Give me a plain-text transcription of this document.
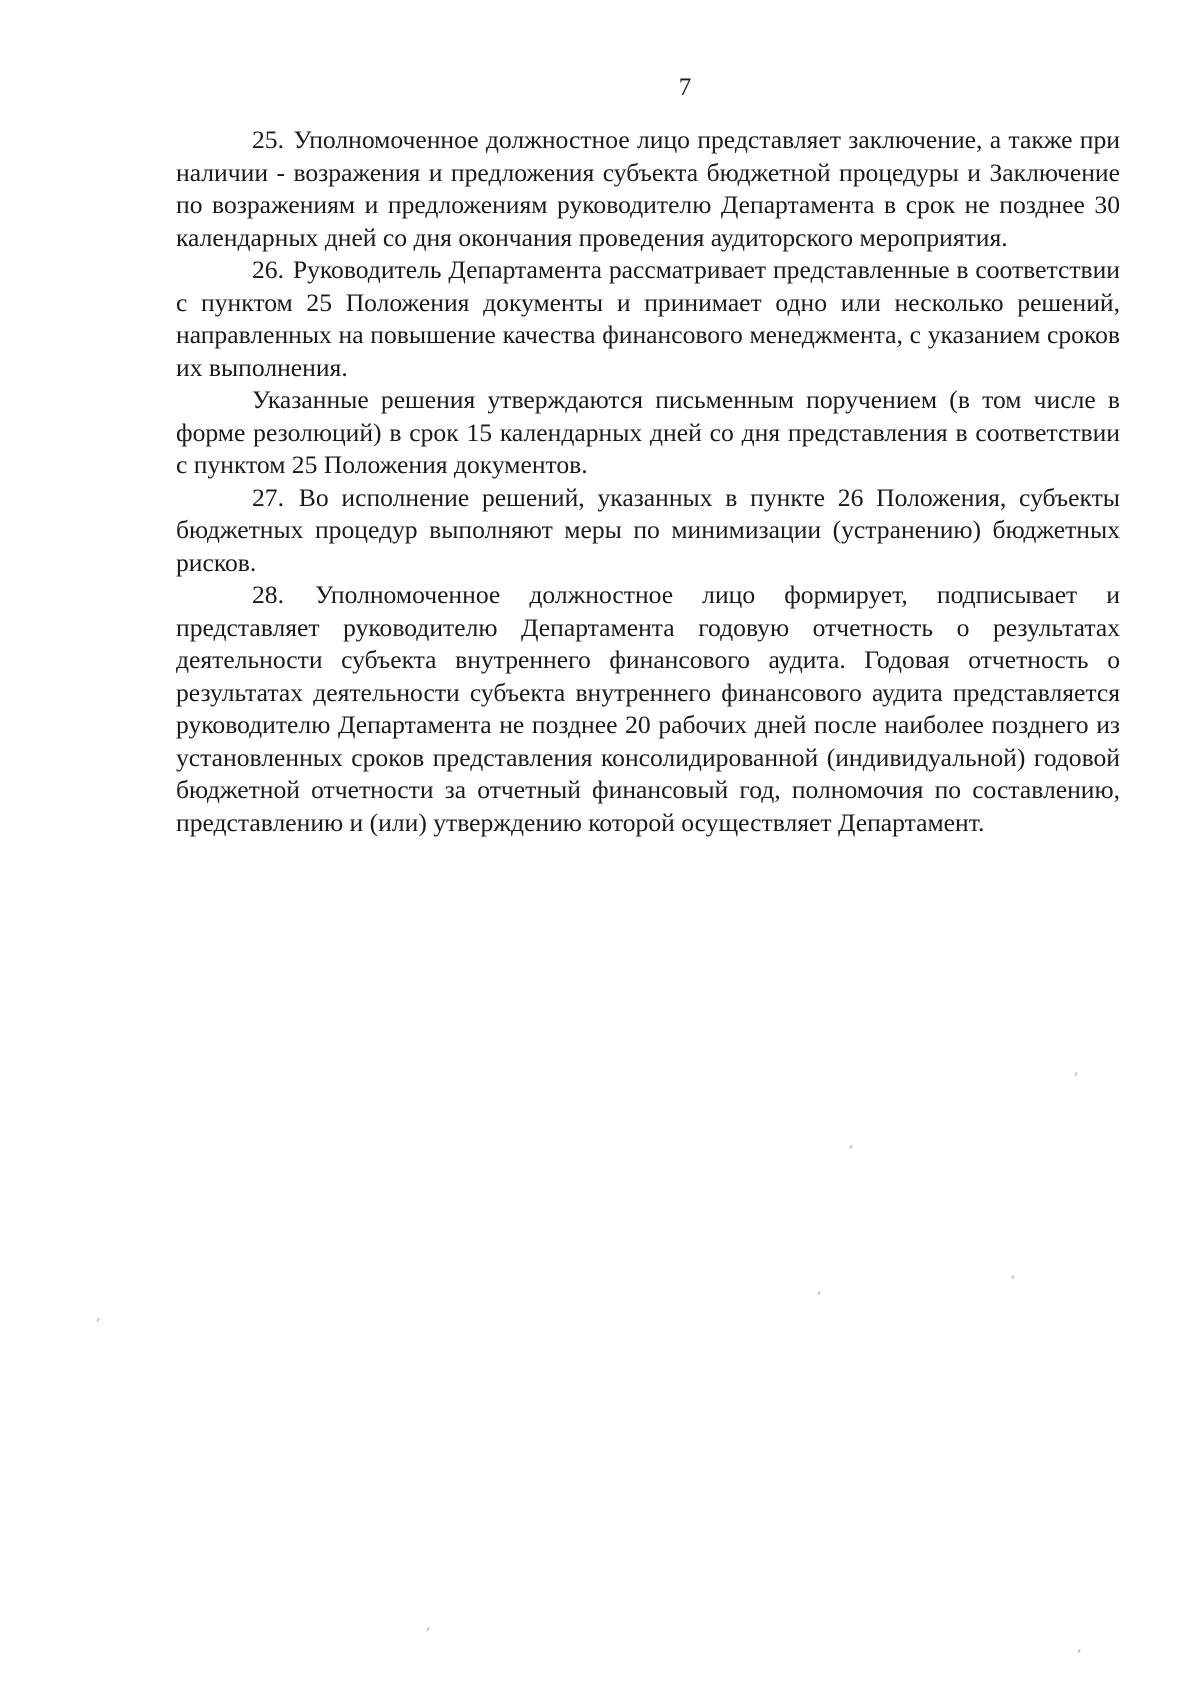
7

25. Уполномоченное должностное лицо представляет заключение, а также при наличии - возражения и предложения субъекта бюджетной процедуры и Заключение по возражениям и предложениям руководителю Департамента в срок не позднее 30 календарных дней со дня окончания проведения аудиторского мероприятия.

26. Руководитель Департамента рассматривает представленные в соответствии с пунктом 25 Положения документы и принимает одно или несколько решений, направленных на повышение качества финансового менеджмента, с указанием сроков их выполнения.

Указанные решения утверждаются письменным поручением (в том числе в форме резолюций) в срок 15 календарных дней со дня представления в соответствии с пунктом 25 Положения документов.

27. Во исполнение решений, указанных в пункте 26 Положения, субъекты бюджетных процедур выполняют меры по минимизации (устранению) бюджетных рисков.

28. Уполномоченное должностное лицо формирует, подписывает и представляет руководителю Департамента годовую отчетность о результатах деятельности субъекта внутреннего финансового аудита. Годовая отчетность о результатах деятельности субъекта внутреннего финансового аудита представляется руководителю Департамента не позднее 20 рабочих дней после наиболее позднего из установленных сроков представления консолидированной (индивидуальной) годовой бюджетной отчетности за отчетный финансовый год, полномочия по составлению, представлению и (или) утверждению которой осуществляет Департамент.
